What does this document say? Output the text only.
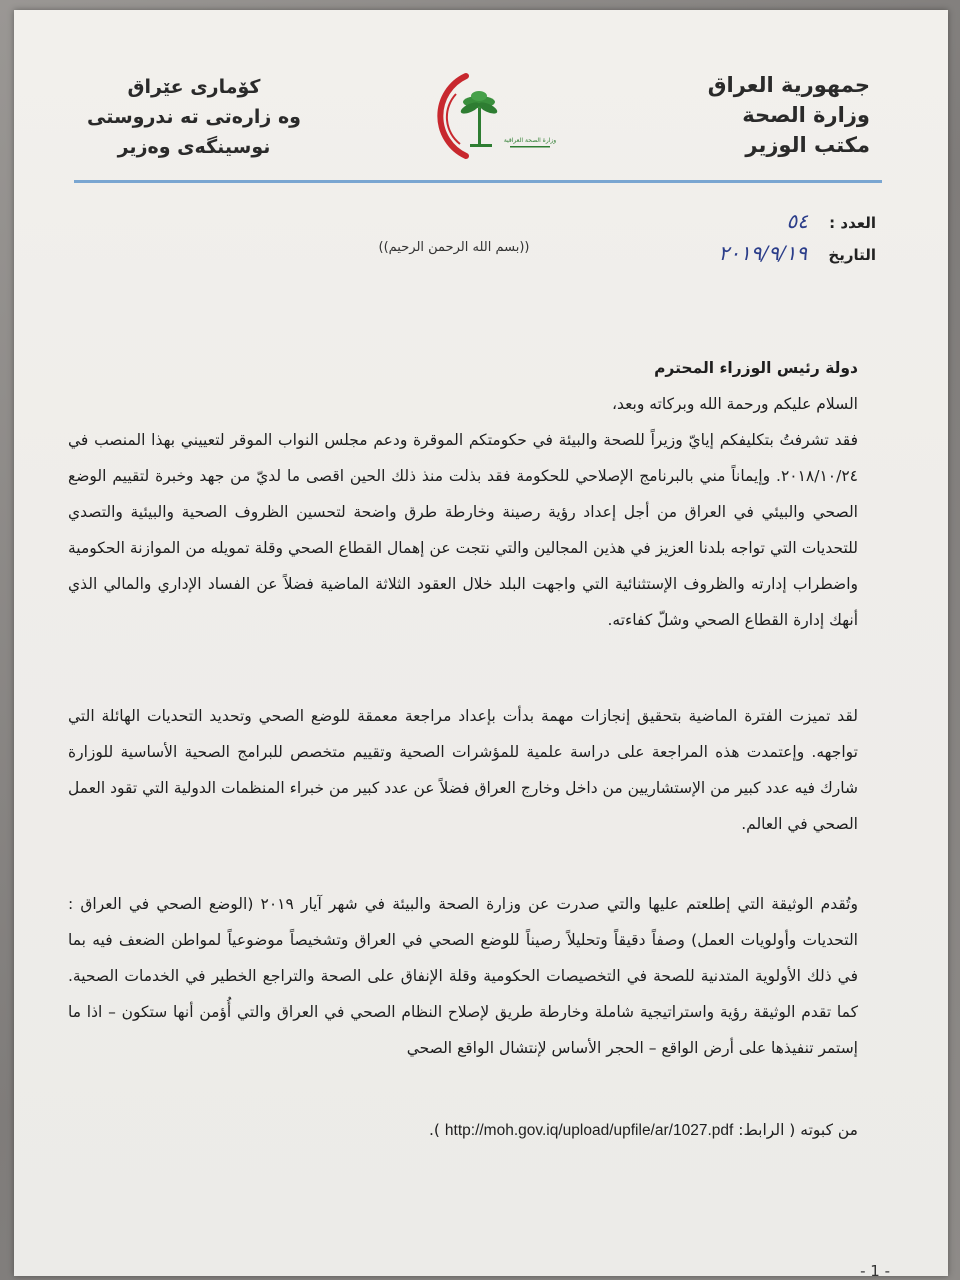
جمهورية العراق
وزارة الصحة
مكتب الوزير
كۆماری عێراق
وه زارەتی ته ندروستی
نوسینگەی وەزیر	وزارة الصحة العراقية
العدد : ٥٤
التاريخ ٢٠١٩/٩/١٩
((بسم الله الرحمن الرحيم))
دولة رئيس الوزراء المحترم
السلام عليكم ورحمة الله وبركاته وبعد،
فقد تشرفتُ بتكليفكم إيايّ وزيراً للصحة والبيئة في حكومتكم الموقرة ودعم مجلس النواب الموقر لتعييني بهذا المنصب في ٢٠١٨/١٠/٢٤. وإيماناً مني بالبرنامج الإصلاحي للحكومة فقد بذلت منذ ذلك الحين اقصى ما لديّ من جهد وخبرة لتقييم الوضع الصحي والبيئي في العراق من أجل إعداد رؤية رصينة وخارطة طرق واضحة لتحسين الظروف الصحية والبيئية والتصدي للتحديات التي تواجه بلدنا العزيز في هذين المجالين والتي نتجت عن إهمال القطاع الصحي وقلة تمويله من الموازنة الحكومية واضطراب إدارته والظروف الإستثنائية التي واجهت البلد خلال العقود الثلاثة الماضية فضلاً عن الفساد الإداري والمالي الذي أنهك إدارة القطاع الصحي وشلّ كفاءته.
لقد تميزت الفترة الماضية بتحقيق إنجازات مهمة بدأت بإعداد مراجعة معمقة للوضع الصحي وتحديد التحديات الهائلة التي تواجهه. وإعتمدت هذه المراجعة على دراسة علمية للمؤشرات الصحية وتقييم متخصص للبرامج الصحية الأساسية للوزارة شارك فيه عدد كبير من الإستشاريين من داخل وخارج العراق فضلاً عن عدد كبير من خبراء المنظمات الدولية التي تقود العمل الصحي في العالم.
وتُقدم الوثيقة التي إطلعتم عليها والتي صدرت عن وزارة الصحة والبيئة في شهر آيار ٢٠١٩ (الوضع الصحي في العراق : التحديات وأولويات العمل) وصفاً دقيقاً وتحليلاً رصيناً للوضع الصحي في العراق وتشخيصاً موضوعياً لمواطن الضعف فيه بما في ذلك الأولوية المتدنية للصحة في التخصيصات الحكومية وقلة الإنفاق على الصحة والتراجع الخطير في الخدمات الصحية. كما تقدم الوثيقة رؤية واستراتيجية شاملة وخارطة طريق لإصلاح النظام الصحي في العراق والتي أُؤمن أنها ستكون – اذا ما إستمر تنفيذها على أرض الواقع – الحجر الأساس لإنتشال الواقع الصحي
من كبوته ( الرابط: http://moh.gov.iq/upload/upfile/ar/1027.pdf ).
- 1 -
